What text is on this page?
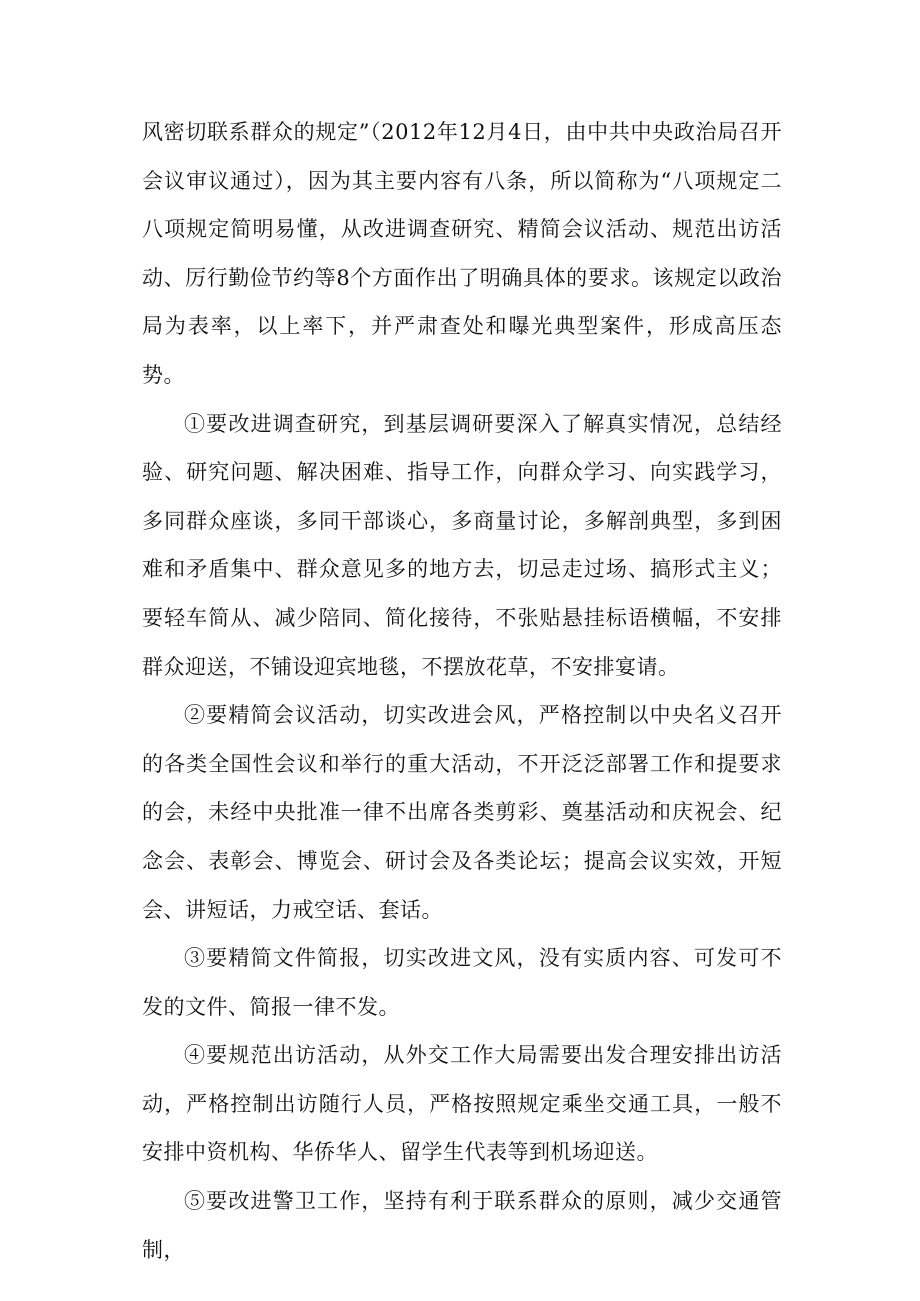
风密切联系群众的规定”（2012年12月4日，由中共中央政治局召开会议审议通过），因为其主要内容有八条，所以简称为“八项规定二八项规定简明易懂，从改进调查研究、精简会议活动、规范出访活动、厉行勤俭节约等8个方面作出了明确具体的要求。该规定以政治局为表率，以上率下，并严肃查处和曝光典型案件，形成高压态势。

①要改进调查研究，到基层调研要深入了解真实情况，总结经验、研究问题、解决困难、指导工作，向群众学习、向实践学习，多同群众座谈，多同干部谈心，多商量讨论，多解剖典型，多到困难和矛盾集中、群众意见多的地方去，切忌走过场、搞形式主义；要轻车简从、减少陪同、简化接待，不张贴悬挂标语横幅，不安排群众迎送，不铺设迎宾地毯，不摆放花草，不安排宴请。

②要精简会议活动，切实改进会风，严格控制以中央名义召开的各类全国性会议和举行的重大活动，不开泛泛部署工作和提要求的会，未经中央批准一律不出席各类剪彩、奠基活动和庆祝会、纪念会、表彰会、博览会、研讨会及各类论坛；提高会议实效，开短会、讲短话，力戒空话、套话。

③要精简文件简报，切实改进文风，没有实质内容、可发可不发的文件、简报一律不发。

④要规范出访活动，从外交工作大局需要出发合理安排出访活动，严格控制出访随行人员，严格按照规定乘坐交通工具，一般不安排中资机构、华侨华人、留学生代表等到机场迎送。

⑤要改进警卫工作，坚持有利于联系群众的原则，减少交通管制，
